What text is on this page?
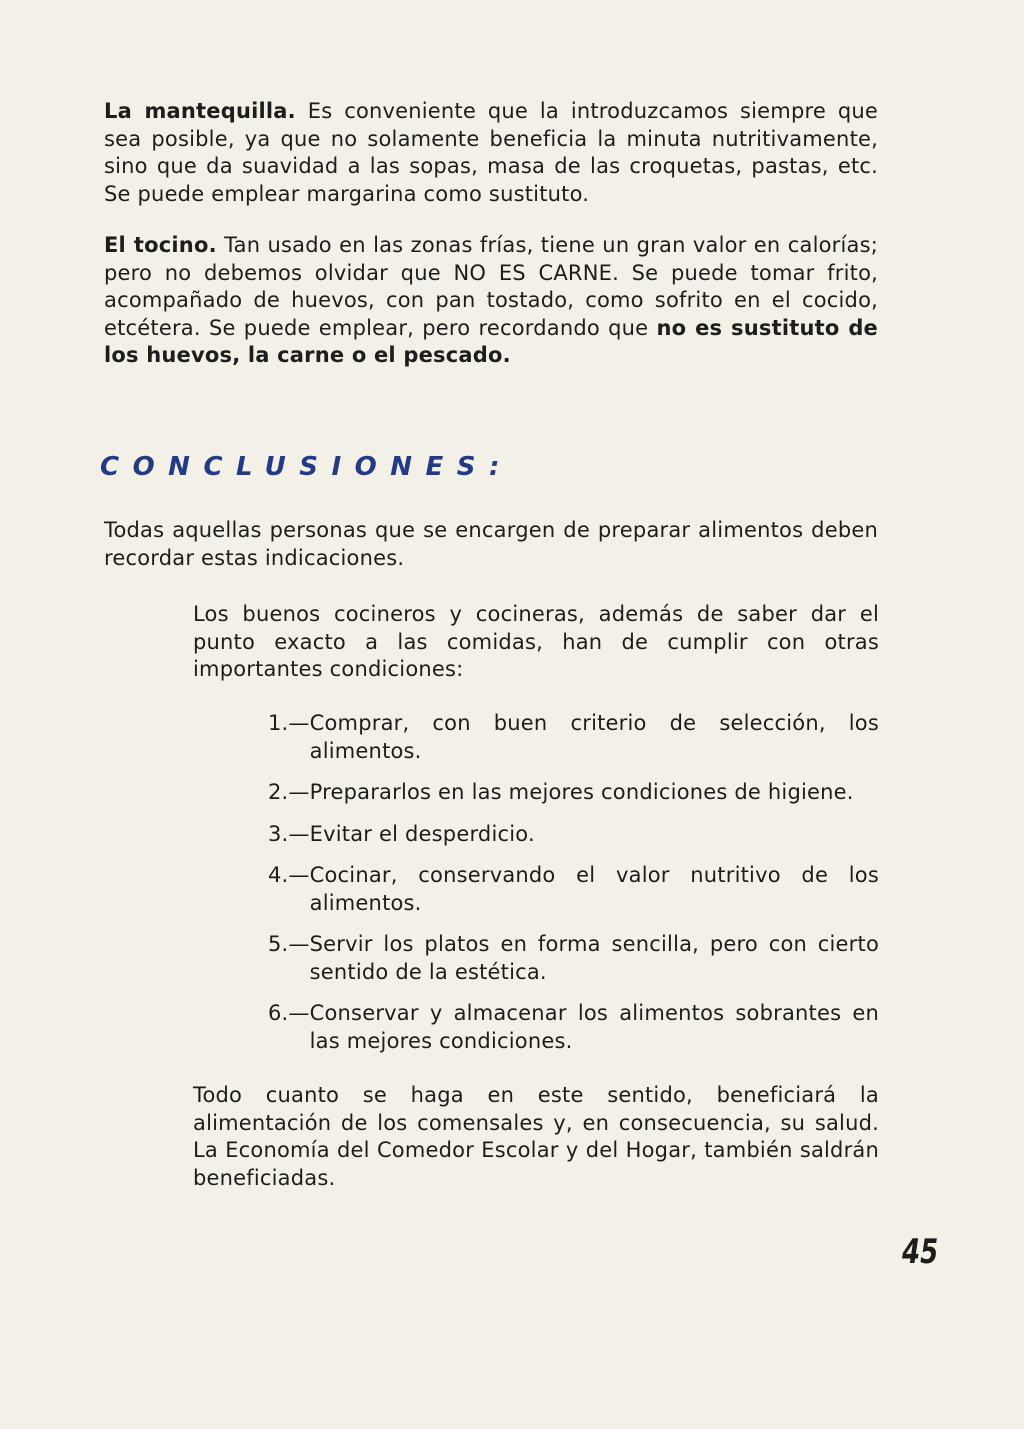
La mantequilla. Es conveniente que la introduzcamos siempre que sea posible, ya que no solamente beneficia la minuta nutritivamente, sino que da suavidad a las sopas, masa de las croquetas, pastas, etc. Se puede emplear margarina como sustituto.

El tocino. Tan usado en las zonas frías, tiene un gran valor en calorías; pero no debemos olvidar que NO ES CARNE. Se puede tomar frito, acompañado de huevos, con pan tostado, como sofrito en el cocido, etcétera. Se puede emplear, pero recordando que no es sustituto de los huevos, la carne o el pescado.

CONCLUSIONES:

Todas aquellas personas que se encargen de preparar alimentos deben recordar estas indicaciones.

Los buenos cocineros y cocineras, además de saber dar el punto exacto a las comidas, han de cumplir con otras importantes condiciones:

1.— Comprar, con buen criterio de selección, los alimentos.
2.— Prepararlos en las mejores condiciones de higiene.
3.— Evitar el desperdicio.
4.— Cocinar, conservando el valor nutritivo de los alimentos.
5.— Servir los platos en forma sencilla, pero con cierto sentido de la estética.
6.— Conservar y almacenar los alimentos sobrantes en las mejores condiciones.

Todo cuanto se haga en este sentido, beneficiará la alimentación de los comensales y, en consecuencia, su salud. La Economía del Comedor Escolar y del Hogar, también saldrán beneficiadas.

45
